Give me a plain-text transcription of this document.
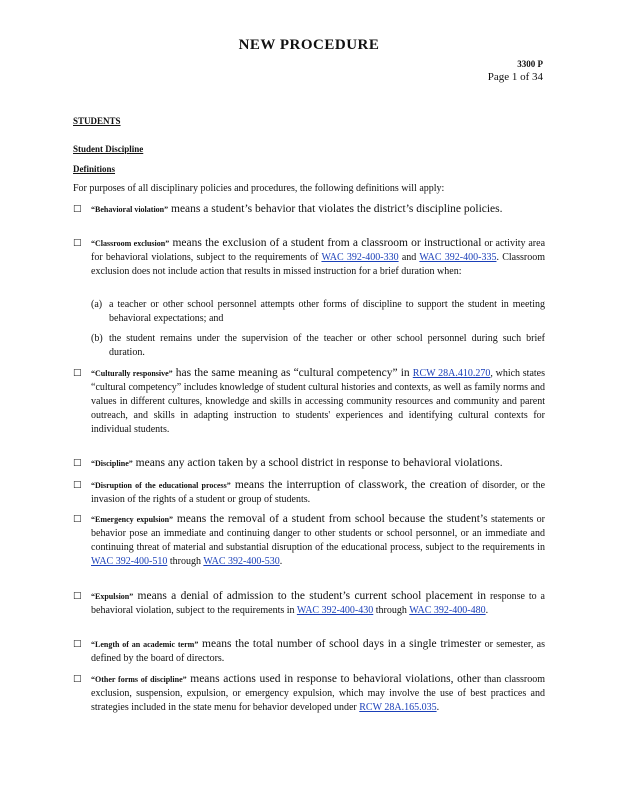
NEW PROCEDURE
3300 P
Page 1 of 34
STUDENTS
Student Discipline
Definitions
For purposes of all disciplinary policies and procedures, the following definitions will apply:
□ “Behavioral violation” means a student’s behavior that violates the district’s discipline policies.
□ “Classroom exclusion” means the exclusion of a student from a classroom or instructional or activity area for behavioral violations, subject to the requirements of WAC 392-400-330 and WAC 392-400-335. Classroom exclusion does not include action that results in missed instruction for a brief duration when:
(a) a teacher or other school personnel attempts other forms of discipline to support the student in meeting behavioral expectations; and
(b) the student remains under the supervision of the teacher or other school personnel during such brief duration.
□ “Culturally responsive” has the same meaning as “cultural competency” in RCW 28A.410.270, which states “cultural competency” includes knowledge of student cultural histories and contexts, as well as family norms and values in different cultures, knowledge and skills in accessing community resources and community and parent outreach, and skills in adapting instruction to students' experiences and identifying cultural contexts for individual students.
□ “Discipline” means any action taken by a school district in response to behavioral violations.
□ “Disruption of the educational process” means the interruption of classwork, the creation of disorder, or the invasion of the rights of a student or group of students.
□ “Emergency expulsion” means the removal of a student from school because the student’s statements or behavior pose an immediate and continuing danger to other students or school personnel, or an immediate and continuing threat of material and substantial disruption of the educational process, subject to the requirements in WAC 392-400-510 through WAC 392-400-530.
□ “Expulsion” means a denial of admission to the student’s current school placement in response to a behavioral violation, subject to the requirements in WAC 392-400-430 through WAC 392-400-480.
□ “Length of an academic term” means the total number of school days in a single trimester or semester, as defined by the board of directors.
□ “Other forms of discipline” means actions used in response to behavioral violations, other than classroom exclusion, suspension, expulsion, or emergency expulsion, which may involve the use of best practices and strategies included in the state menu for behavior developed under RCW 28A.165.035.
